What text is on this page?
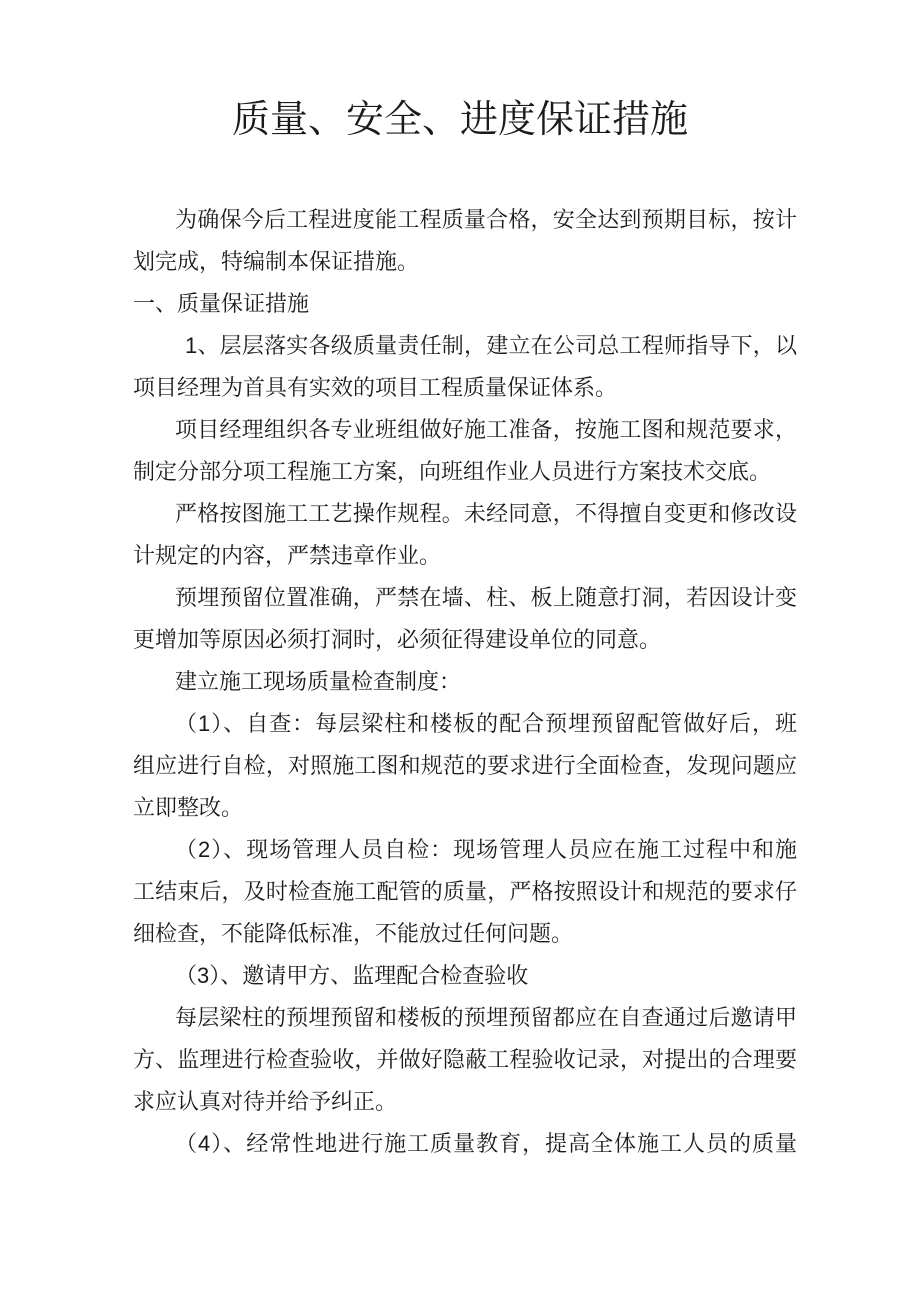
质量、安全、进度保证措施
为确保今后工程进度能工程质量合格，安全达到预期目标，按计
划完成，特编制本保证措施。
一、质量保证措施
1、层层落实各级质量责任制，建立在公司总工程师指导下，以
项目经理为首具有实效的项目工程质量保证体系。
项目经理组织各专业班组做好施工准备，按施工图和规范要求，
制定分部分项工程施工方案，向班组作业人员进行方案技术交底。
严格按图施工工艺操作规程。未经同意，不得擅自变更和修改设
计规定的内容，严禁违章作业。
预埋预留位置准确，严禁在墙、柱、板上随意打洞，若因设计变
更增加等原因必须打洞时，必须征得建设单位的同意。
建立施工现场质量检查制度：
（1）、自查：每层梁柱和楼板的配合预埋预留配管做好后，班
组应进行自检，对照施工图和规范的要求进行全面检查，发现问题应
立即整改。
（2）、现场管理人员自检：现场管理人员应在施工过程中和施
工结束后，及时检查施工配管的质量，严格按照设计和规范的要求仔
细检查，不能降低标准，不能放过任何问题。
（3）、邀请甲方、监理配合检查验收
每层梁柱的预埋预留和楼板的预埋预留都应在自查通过后邀请甲
方、监理进行检查验收，并做好隐蔽工程验收记录，对提出的合理要
求应认真对待并给予纠正。
（4）、经常性地进行施工质量教育，提高全体施工人员的质量
